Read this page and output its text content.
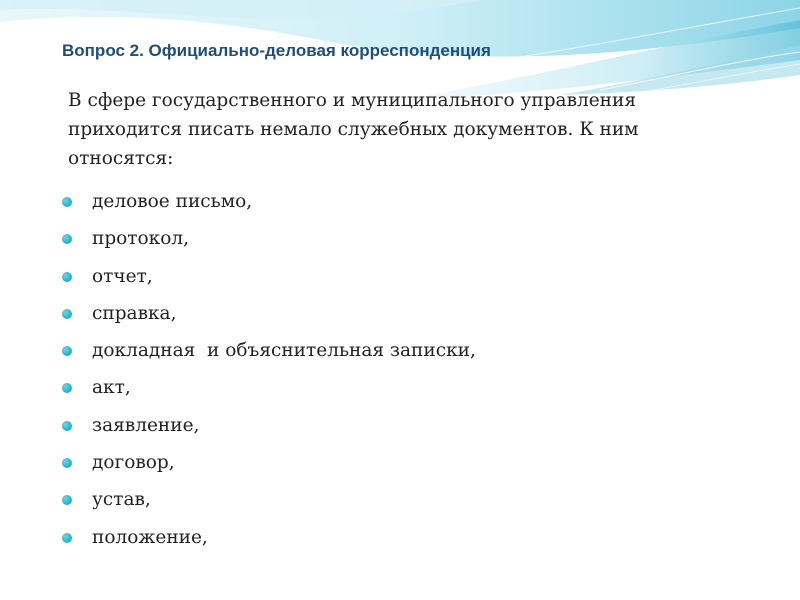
Вопрос 2. Официально-деловая корреспонденция
В сфере государственного и муниципального управления приходится писать немало служебных документов. К ним относятся:
деловое письмо,
протокол,
отчет,
справка,
докладная  и объяснительная записки,
акт,
заявление,
договор,
устав,
положение,
